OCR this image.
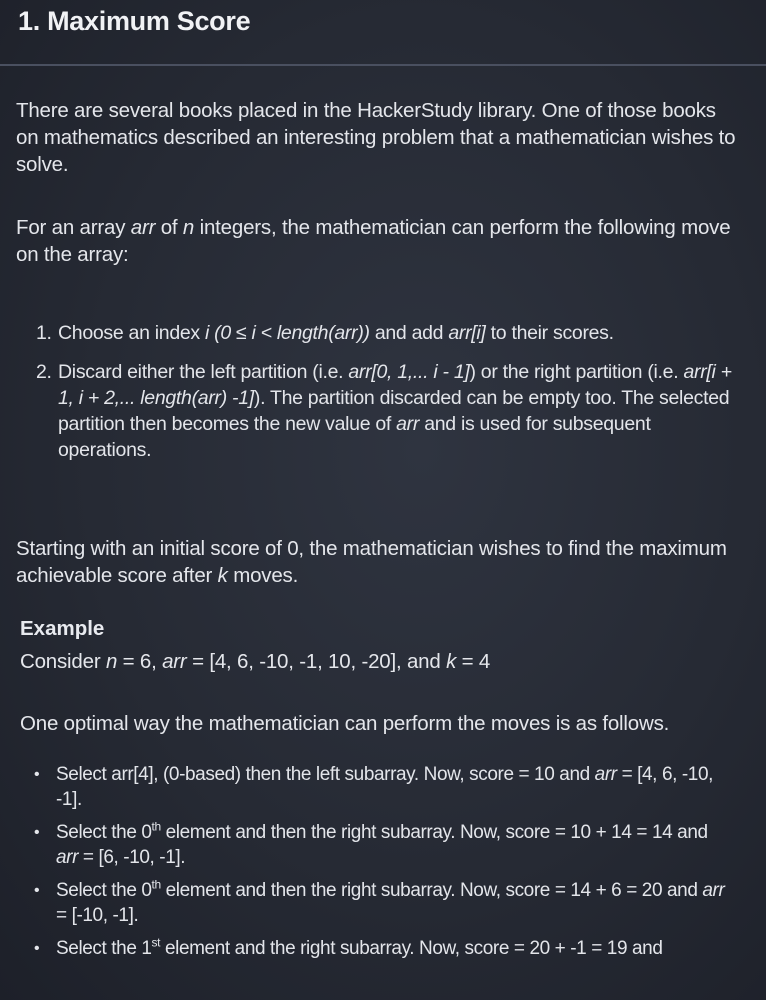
1. Maximum Score
There are several books placed in the HackerStudy library. One of those books on mathematics described an interesting problem that a mathematician wishes to solve.
For an array arr of n integers, the mathematician can perform the following move on the array:
1. Choose an index i (0 ≤ i < length(arr)) and add arr[i] to their scores.
2. Discard either the left partition (i.e. arr[0, 1,... i - 1]) or the right partition (i.e. arr[i + 1, i + 2,... length(arr) -1]). The partition discarded can be empty too. The selected partition then becomes the new value of arr and is used for subsequent operations.
Starting with an initial score of 0, the mathematician wishes to find the maximum achievable score after k moves.
Example
Consider n = 6, arr = [4, 6, -10, -1, 10, -20], and k = 4
One optimal way the mathematician can perform the moves is as follows.
• Select arr[4], (0-based) then the left subarray. Now, score = 10 and arr = [4, 6, -10, -1].
• Select the 0th element and then the right subarray. Now, score = 10 + 14 = 14 and arr = [6, -10, -1].
• Select the 0th element and then the right subarray. Now, score = 14 + 6 = 20 and arr = [-10, -1].
• Select the 1st element and the right subarray. Now, score = 20 + -1 = 19 and
